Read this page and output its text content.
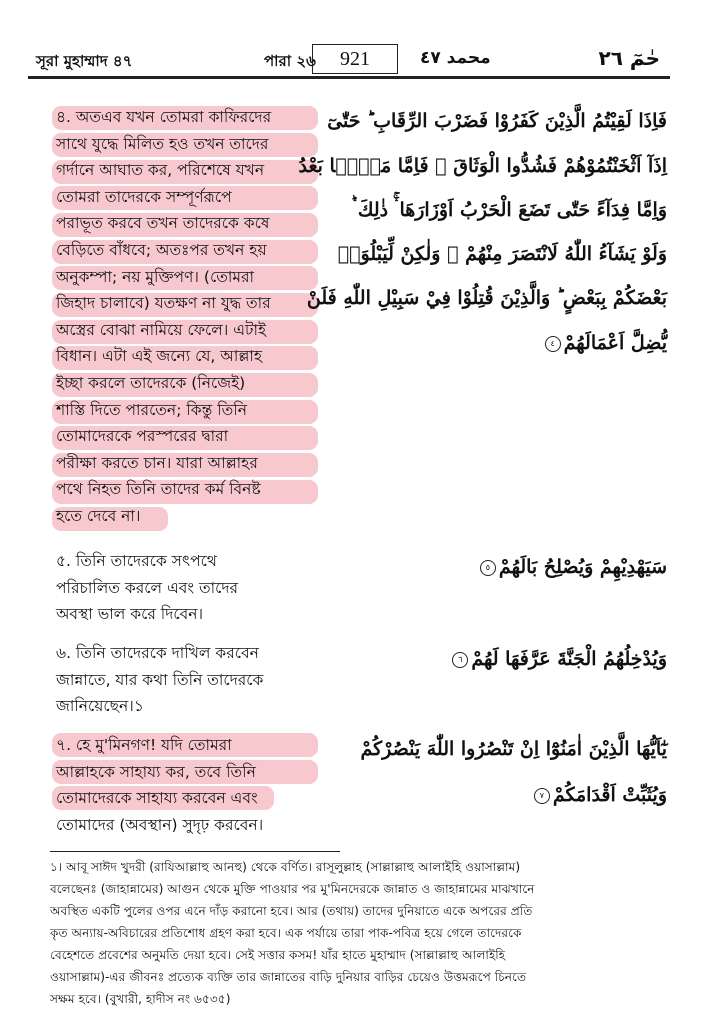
সূরা মুহাম্মাদ ৪৭	পারা ২৬	921	محمد ٤٧	حٰمٓ ٢٦
৪. অতএব যখন তোমরা কাফিরদের
সাথে যুদ্ধে মিলিত হও তখন তাদের
গর্দানে আঘাত কর, পরিশেষে যখন
তোমরা তাদেরকে সম্পূর্ণরূপে
পরাভূত করবে তখন তাদেরকে কষে
বেড়িতে বাঁধবে; অতঃপর তখন হয়
অনুকম্পা; নয় মুক্তিপণ। (তোমরা
জিহাদ চালাবে) যতক্ষণ না যুদ্ধ তার
অস্ত্রের বোঝা নামিয়ে ফেলে। এটাই
বিধান। এটা এই জন্যে যে, আল্লাহ
ইচ্ছা করলে তাদেরকে (নিজেই)
শাস্তি দিতে পারতেন; কিন্তু তিনি
তোমাদেরকে পরস্পরের দ্বারা
পরীক্ষা করতে চান। যারা আল্লাহর
পথে নিহত তিনি তাদের কর্ম বিনষ্ট
হতে দেবে না।
فَاِذَا لَقِيْتُمُ الَّذِيْنَ كَفَرُوْا فَضَرْبَ الرِّقَابِ ؕ حَتّٰىٓ
اِذَآ اَثْخَنْتُمُوْهُمْ فَشُدُّوا الْوَثَاقَ ۙ فَاِمَّا مَنًّۢا بَعْدُ
وَاِمَّا فِدَآءً حَتّٰى تَضَعَ الْحَرْبُ اَوْزَارَهَا ۛۚ ذٰلِكَ ۛؕ
وَلَوْ يَشَآءُ اللّٰهُ لَانْتَصَرَ مِنْهُمْ ۙ وَلٰكِنْ لِّيَبْلُوَا۟
بَعْضَكُمْ بِبَعْضٍ ؕ وَالَّذِيْنَ قُتِلُوْا فِيْ سَبِيْلِ اللّٰهِ فَلَنْ
يُّضِلَّ اَعْمَالَهُمْ٤
৫. তিনি তাদেরকে সৎপথে
পরিচালিত করলে এবং তাদের
অবস্থা ভাল করে দিবেন।
سَيَهْدِيْهِمْ وَيُصْلِحُ بَالَهُمْ٥
৬. তিনি তাদেরকে দাখিল করবেন
জান্নাতে, যার কথা তিনি তাদেরকে
জানিয়েছেন।১
وَيُدْخِلُهُمُ الْجَنَّةَ عَرَّفَهَا لَهُمْ٦
৭. হে মু'মিনগণ! যদি তোমরা
আল্লাহকে সাহায্য কর, তবে তিনি
তোমাদেরকে সাহায্য করবেন এবং
তোমাদের (অবস্থান) সুদৃঢ় করবেন।
يٰٓاَيُّهَا الَّذِيْنَ اٰمَنُوْٓا اِنْ تَنْصُرُوا اللّٰهَ يَنْصُرْكُمْ
وَيُثَبِّتْ اَقْدَامَكُمْ٧
১। আবূ সাঈদ খুদরী (রাযিআল্লাহু আনহু) থেকে বর্ণিত। রাসূলুল্লাহ (সাল্লাল্লাহু আলাইহি ওয়াসাল্লাম)
বলেছেনঃ (জাহান্নামের) আগুন থেকে মুক্তি পাওয়ার পর মু'মিনদেরকে জান্নাত ও জাহান্নামের মাঝখানে
অবস্থিত একটি পুলের ওপর এনে দাঁড় করানো হবে। আর (তথায়) তাদের দুনিয়াতে একে অপরের প্রতি
কৃত অন্যায়-অবিচারের প্রতিশোধ গ্রহণ করা হবে। এক পর্যায়ে তারা পাক-পবিত্র হয়ে গেলে তাদেরকে
বেহেশতে প্রবেশের অনুমতি দেয়া হবে। সেই সত্তার কসম! যাঁর হাতে মুহাম্মাদ (সাল্লাল্লাহু আলাইহি
ওয়াসাল্লাম)-এর জীবনঃ প্রত্যেক ব্যক্তি তার জান্নাতের বাড়ি দুনিয়ার বাড়ির চেয়েও উত্তমরূপে চিনতে
সক্ষম হবে। (বুখারী, হাদীস নং ৬৫৩৫)
